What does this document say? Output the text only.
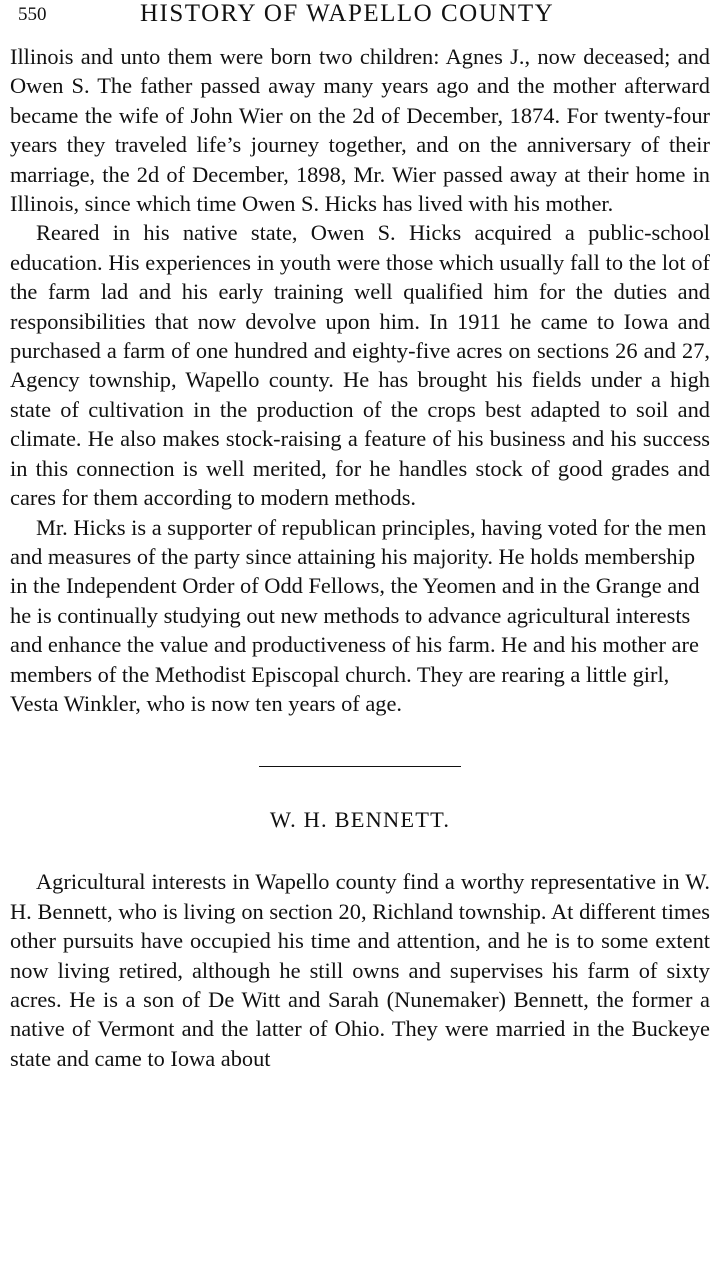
550	HISTORY OF WAPELLO COUNTY

Illinois and unto them were born two children: Agnes J., now deceased; and Owen S. The father passed away many years ago and the mother afterward became the wife of John Wier on the 2d of December, 1874. For twenty-four years they traveled life’s journey together, and on the anniversary of their marriage, the 2d of December, 1898, Mr. Wier passed away at their home in Illinois, since which time Owen S. Hicks has lived with his mother.

Reared in his native state, Owen S. Hicks acquired a public-school education. His experiences in youth were those which usually fall to the lot of the farm lad and his early training well qualified him for the duties and responsibilities that now devolve upon him. In 1911 he came to Iowa and purchased a farm of one hundred and eighty-five acres on sections 26 and 27, Agency township, Wapello county. He has brought his fields under a high state of cultivation in the production of the crops best adapted to soil and climate. He also makes stock-raising a feature of his business and his success in this connection is well merited, for he handles stock of good grades and cares for them according to modern methods.

Mr. Hicks is a supporter of republican principles, having voted for the men and measures of the party since attaining his majority. He holds membership in the Independent Order of Odd Fellows, the Yeomen and in the Grange and he is continually studying out new methods to advance agricultural interests and enhance the value and productiveness of his farm. He and his mother are members of the Methodist Episcopal church. They are rearing a little girl, Vesta Winkler, who is now ten years of age.

W. H. BENNETT.

Agricultural interests in Wapello county find a worthy representative in W. H. Bennett, who is living on section 20, Richland township. At different times other pursuits have occupied his time and attention, and he is to some extent now living retired, although he still owns and supervises his farm of sixty acres. He is a son of De Witt and Sarah (Nunemaker) Bennett, the former a native of Vermont and the latter of Ohio. They were married in the Buckeye state and came to Iowa about
